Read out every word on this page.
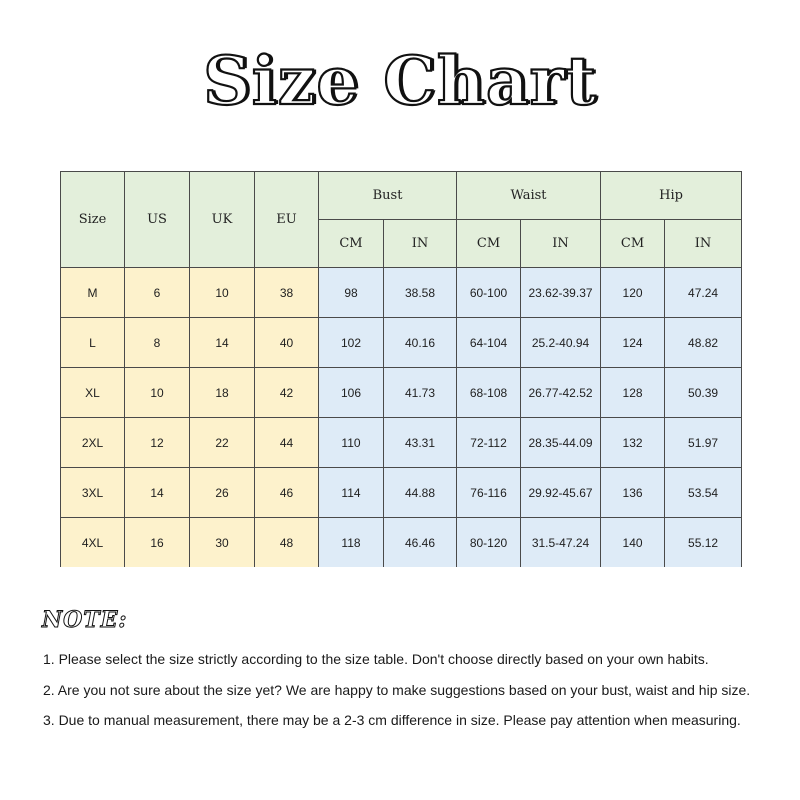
Size Chart
Size	US	UK	EU	Bust		Waist		Hip	
				CM	IN	CM	IN	CM	IN
M	6	10	38	98	38.58	60-100	23.62-39.37	120	47.24
L	8	14	40	102	40.16	64-104	25.2-40.94	124	48.82
XL	10	18	42	106	41.73	68-108	26.77-42.52	128	50.39
2XL	12	22	44	110	43.31	72-112	28.35-44.09	132	51.97
3XL	14	26	46	114	44.88	76-116	29.92-45.67	136	53.54
4XL	16	30	48	118	46.46	80-120	31.5-47.24	140	55.12
NOTE:
1. Please select the size strictly according to the size table. Don't choose directly based on your own habits.
2. Are you not sure about the size yet? We are happy to make suggestions based on your bust, waist and hip size.
3. Due to manual measurement, there may be a 2-3 cm difference in size. Please pay attention when measuring.
